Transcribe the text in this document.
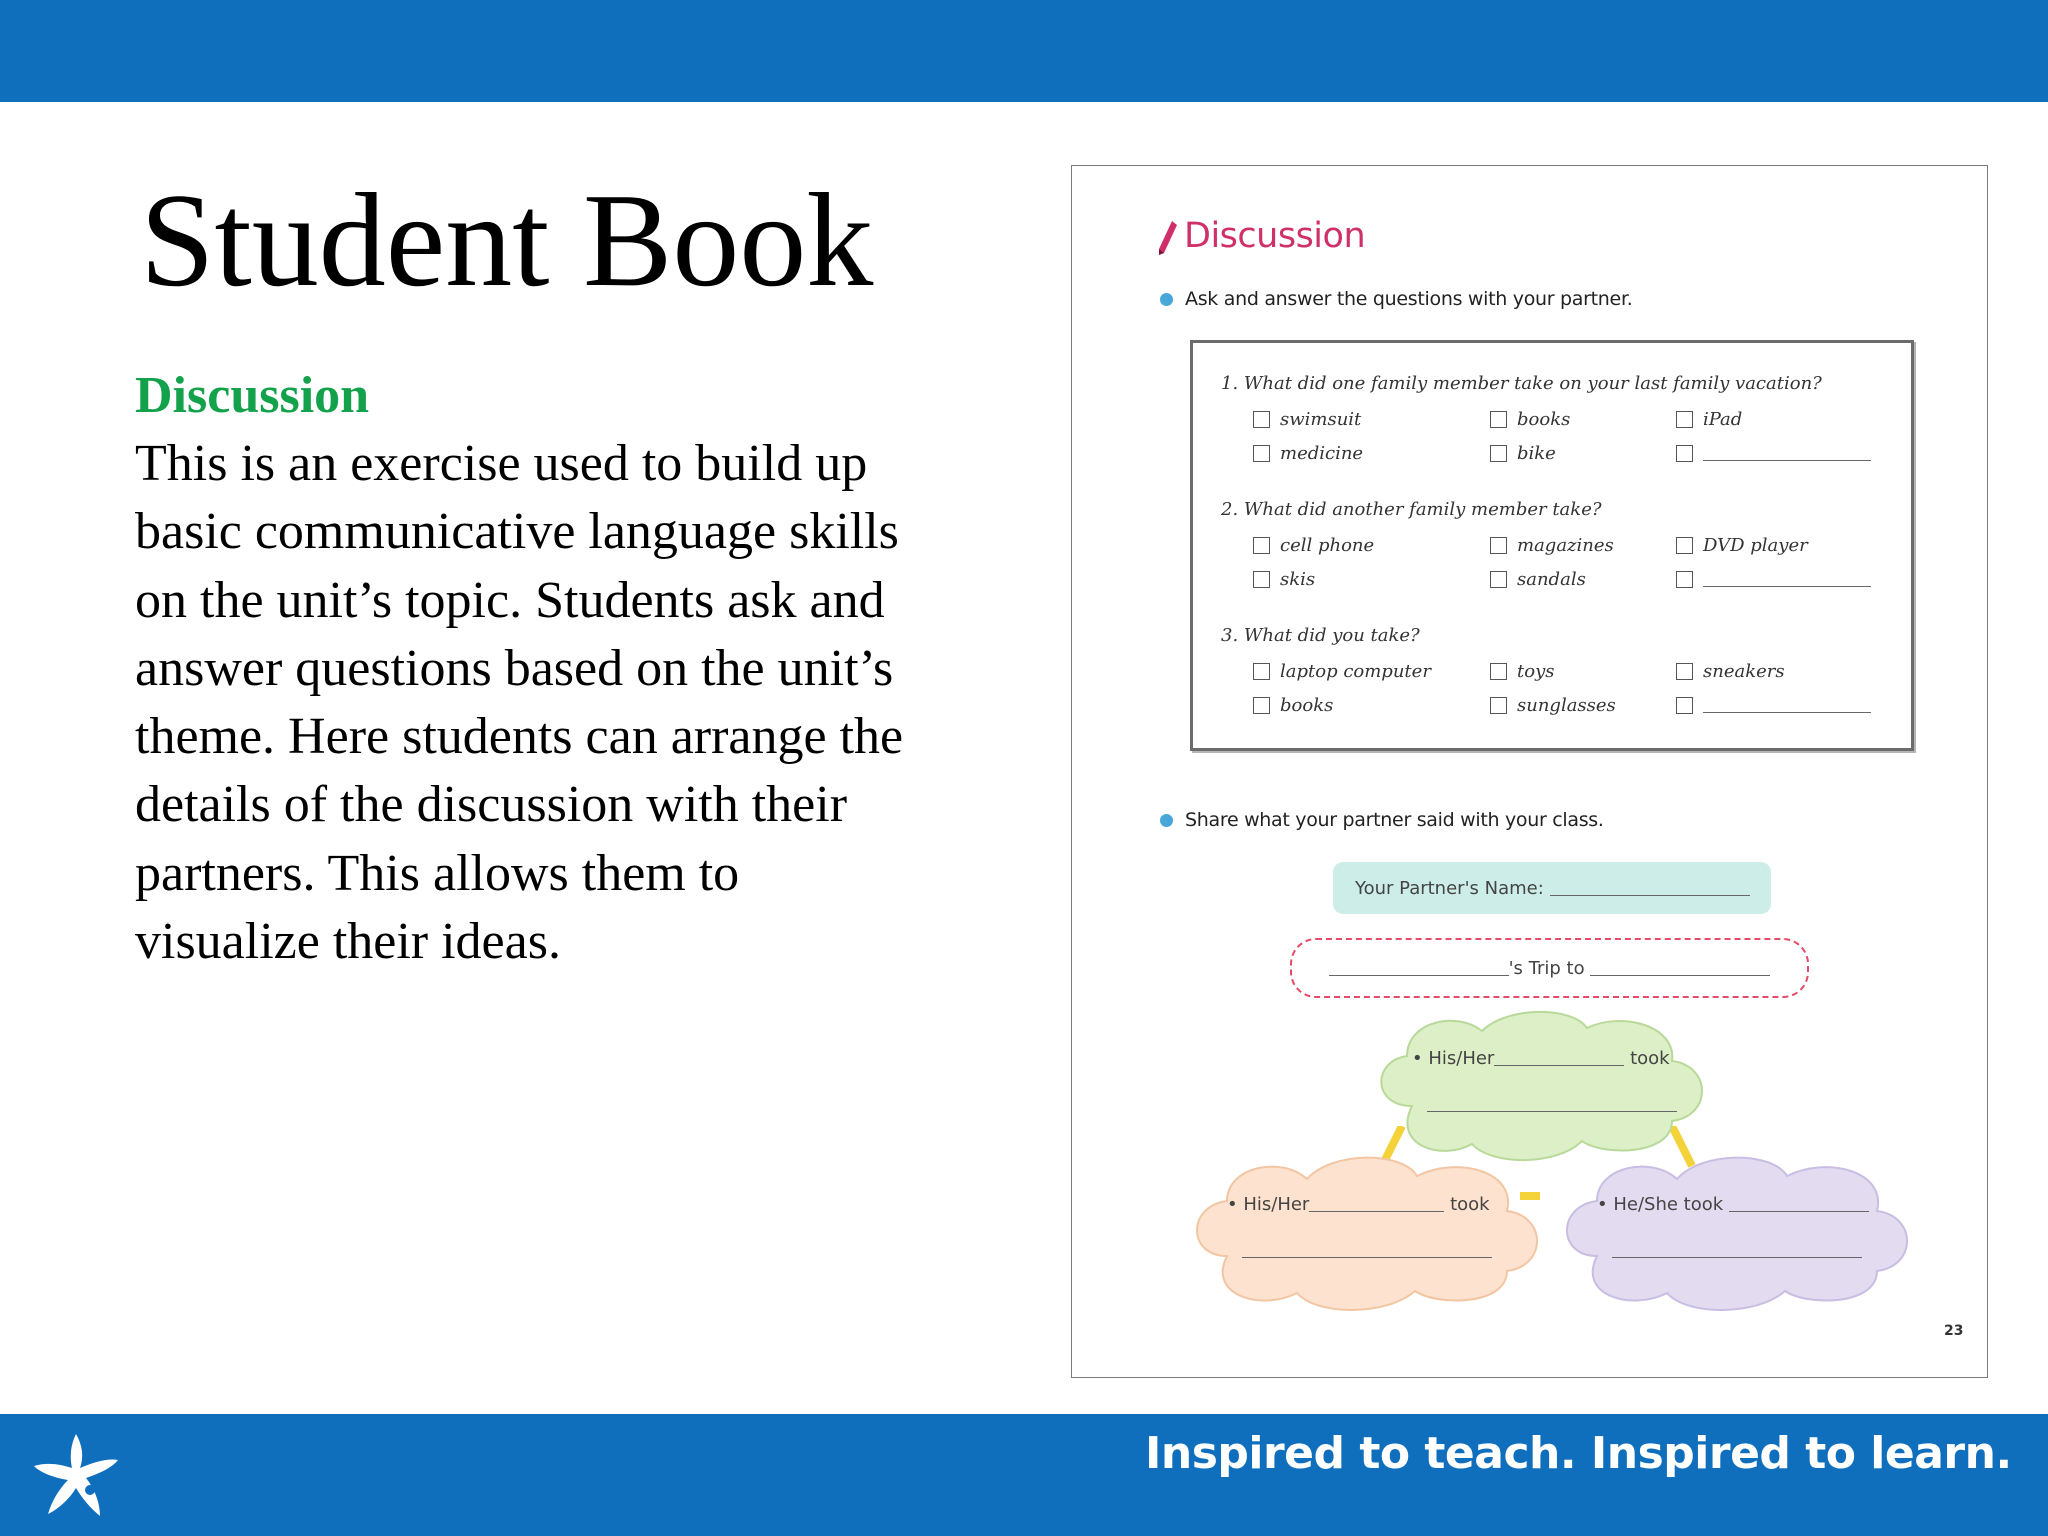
Student Book
Discussion

This is an exercise used to build up
basic communicative language skills
on the unit’s topic. Students ask and
answer questions based on the unit’s
theme. Here students can arrange the
details of the discussion with their
partners. This allows them to
visualize their ideas.

Discussion
Ask and answer the questions with your partner.
1. What did one family member take on your last family vacation?
swimsuit	books	iPad
medicine	bike
2. What did another family member take?
cell phone	magazines	DVD player
skis	sandals
3. What did you take?
laptop computer	toys	sneakers
books	sunglasses
Share what your partner said with your class.
Your Partner's Name:
's Trip to
• His/Her	took
• His/Her	took	• He/She took
23
Inspired to teach. Inspired to learn.
